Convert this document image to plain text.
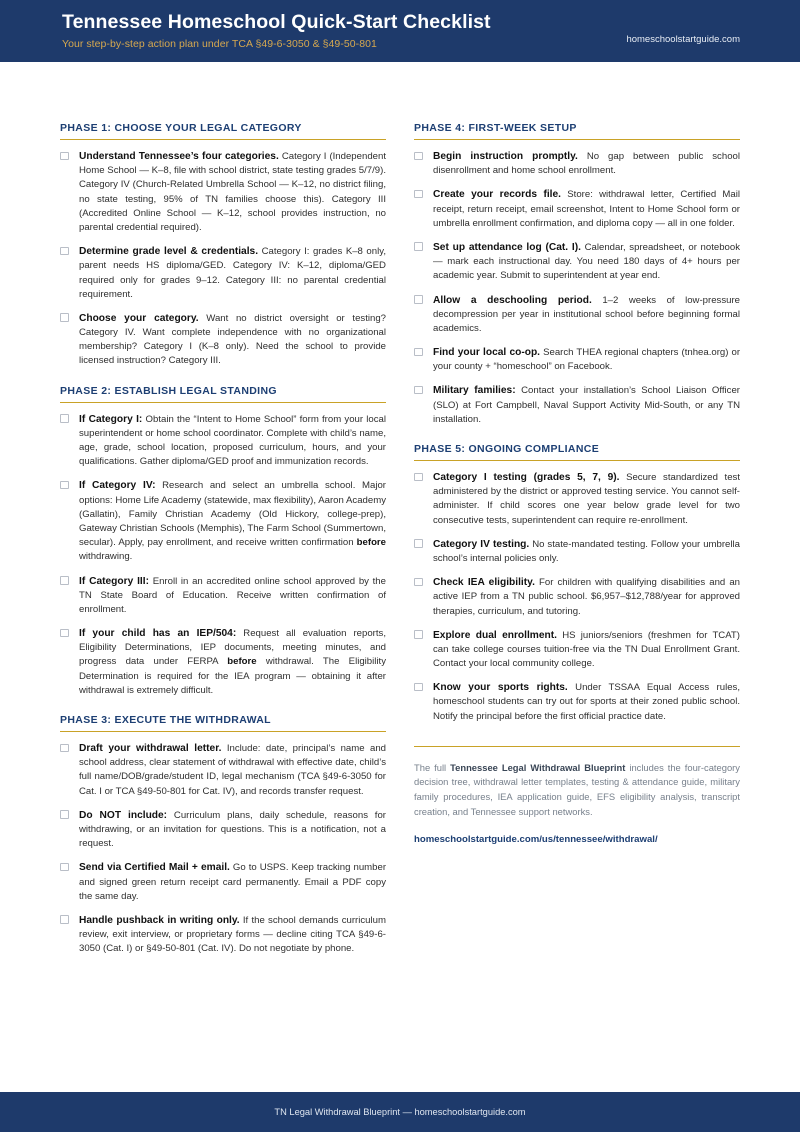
Tennessee Homeschool Quick-Start Checklist
Your step-by-step action plan under TCA §49-6-3050 & §49-50-801	homeschoolstartguide.com
PHASE 1: CHOOSE YOUR LEGAL CATEGORY
Understand Tennessee’s four categories. Category I (Independent Home School — K–8, file with school district, state testing grades 5/7/9). Category IV (Church-Related Umbrella School — K–12, no district filing, no state testing, 95% of TN families choose this). Category III (Accredited Online School — K–12, school provides instruction, no parental credential required).
Determine grade level & credentials. Category I: grades K–8 only, parent needs HS diploma/GED. Category IV: K–12, diploma/GED required only for grades 9–12. Category III: no parental credential requirement.
Choose your category. Want no district oversight or testing? Category IV. Want complete independence with no organizational membership? Category I (K–8 only). Need the school to provide licensed instruction? Category III.
PHASE 2: ESTABLISH LEGAL STANDING
If Category I: Obtain the “Intent to Home School” form from your local superintendent or home school coordinator. Complete with child’s name, age, grade, school location, proposed curriculum, hours, and your qualifications. Gather diploma/GED proof and immunization records.
If Category IV: Research and select an umbrella school. Major options: Home Life Academy (statewide, max flexibility), Aaron Academy (Gallatin), Family Christian Academy (Old Hickory, college-prep), Gateway Christian Schools (Memphis), The Farm School (Summertown, secular). Apply, pay enrollment, and receive written confirmation before withdrawing.
If Category III: Enroll in an accredited online school approved by the TN State Board of Education. Receive written confirmation of enrollment.
If your child has an IEP/504: Request all evaluation reports, Eligibility Determinations, IEP documents, meeting minutes, and progress data under FERPA before withdrawal. The Eligibility Determination is required for the IEA program — obtaining it after withdrawal is extremely difficult.
PHASE 3: EXECUTE THE WITHDRAWAL
Draft your withdrawal letter. Include: date, principal’s name and school address, clear statement of withdrawal with effective date, child’s full name/DOB/grade/student ID, legal mechanism (TCA §49-6-3050 for Cat. I or TCA §49-50-801 for Cat. IV), and records transfer request.
Do NOT include: Curriculum plans, daily schedule, reasons for withdrawing, or an invitation for questions. This is a notification, not a request.
Send via Certified Mail + email. Go to USPS. Keep tracking number and signed green return receipt card permanently. Email a PDF copy the same day.
Handle pushback in writing only. If the school demands curriculum review, exit interview, or proprietary forms — decline citing TCA §49-6-3050 (Cat. I) or §49-50-801 (Cat. IV). Do not negotiate by phone.
PHASE 4: FIRST-WEEK SETUP
Begin instruction promptly. No gap between public school disenrollment and home school enrollment.
Create your records file. Store: withdrawal letter, Certified Mail receipt, return receipt, email screenshot, Intent to Home School form or umbrella enrollment confirmation, and diploma copy — all in one folder.
Set up attendance log (Cat. I). Calendar, spreadsheet, or notebook — mark each instructional day. You need 180 days of 4+ hours per academic year. Submit to superintendent at year end.
Allow a deschooling period. 1–2 weeks of low-pressure decompression per year in institutional school before beginning formal academics.
Find your local co-op. Search THEA regional chapters (tnhea.org) or your county + “homeschool” on Facebook.
Military families: Contact your installation’s School Liaison Officer (SLO) at Fort Campbell, Naval Support Activity Mid-South, or any TN installation.
PHASE 5: ONGOING COMPLIANCE
Category I testing (grades 5, 7, 9). Secure standardized test administered by the district or approved testing service. You cannot self-administer. If child scores one year below grade level for two consecutive tests, superintendent can require re-enrollment.
Category IV testing. No state-mandated testing. Follow your umbrella school’s internal policies only.
Check IEA eligibility. For children with qualifying disabilities and an active IEP from a TN public school. $6,957–$12,788/year for approved therapies, curriculum, and tutoring.
Explore dual enrollment. HS juniors/seniors (freshmen for TCAT) can take college courses tuition-free via the TN Dual Enrollment Grant. Contact your local community college.
Know your sports rights. Under TSSAA Equal Access rules, homeschool students can try out for sports at their zoned public school. Notify the principal before the first official practice date.

The full Tennessee Legal Withdrawal Blueprint includes the four-category decision tree, withdrawal letter templates, testing & attendance guide, military family procedures, IEA application guide, EFS eligibility analysis, transcript creation, and Tennessee support networks.

homeschoolstartguide.com/us/tennessee/withdrawal/
TN Legal Withdrawal Blueprint — homeschoolstartguide.com
